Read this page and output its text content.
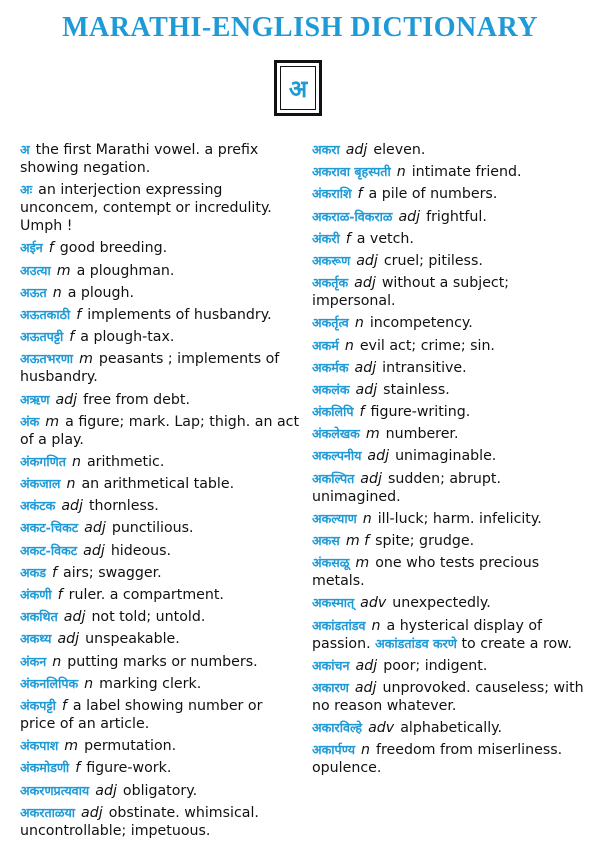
MARATHI-ENGLISH DICTIONARY
अ
अ the first Marathi vowel. a prefix showing negation.
अः an interjection expressing unconcem, contempt or incredulity. Umph !
अईन f good breeding.
अउत्या m a ploughman.
अऊत n a plough.
अऊतकाठी f implements of husbandry.
अऊतपट्टी f a plough-tax.
अऊतभरणा m peasants ; implements of husbandry.
अऋण adj free from debt.
अंक m a figure; mark. Lap; thigh. an act of a play.
अंकगणित n arithmetic.
अंकजाल n an arithmetical table.
अकंटक adj thornless.
अकट-चिकट adj punctilious.
अकट-विकट adj hideous.
अकड f airs; swagger.
अंकणी f ruler. a compartment.
अकथित adj not told; untold.
अकथ्य adj unspeakable.
अंकन n putting marks or numbers.
अंकनलिपिक n marking clerk.
अंकपट्टी f a label showing number or price of an article.
अंकपाश m permutation.
अंकमोडणी f figure-work.
अकरणप्रत्यवाय adj obligatory.
अकरताळया adj obstinate. whimsical. uncontrollable; impetuous.
अकरा adj eleven.
अकरावा बृहस्पती n intimate friend.
अंकराशि f a pile of numbers.
अकराळ-विकराळ adj frightful.
अंकरी f a vetch.
अकरूण adj cruel; pitiless.
अकर्तृक adj without a subject; impersonal.
अकर्तृत्व n incompetency.
अकर्म n evil act; crime; sin.
अकर्मक adj intransitive.
अकलंक adj stainless.
अंकलिपि f figure-writing.
अंकलेखक m numberer.
अकल्पनीय adj unimaginable.
अकल्पित adj sudden; abrupt. unimagined.
अकल्याण n ill-luck; harm. infelicity.
अकस m f spite; grudge.
अंकसळू m one who tests precious metals.
अकस्मात् adv unexpectedly.
अकांडतांडव n a hysterical display of passion. अकांडतांडव करणे to create a row.
अकांचन adj poor; indigent.
अकारण adj unprovoked. causeless; with no reason whatever.
अकारविल्हे adv alphabetically.
अकार्पण्य n freedom from miserliness. opulence.
